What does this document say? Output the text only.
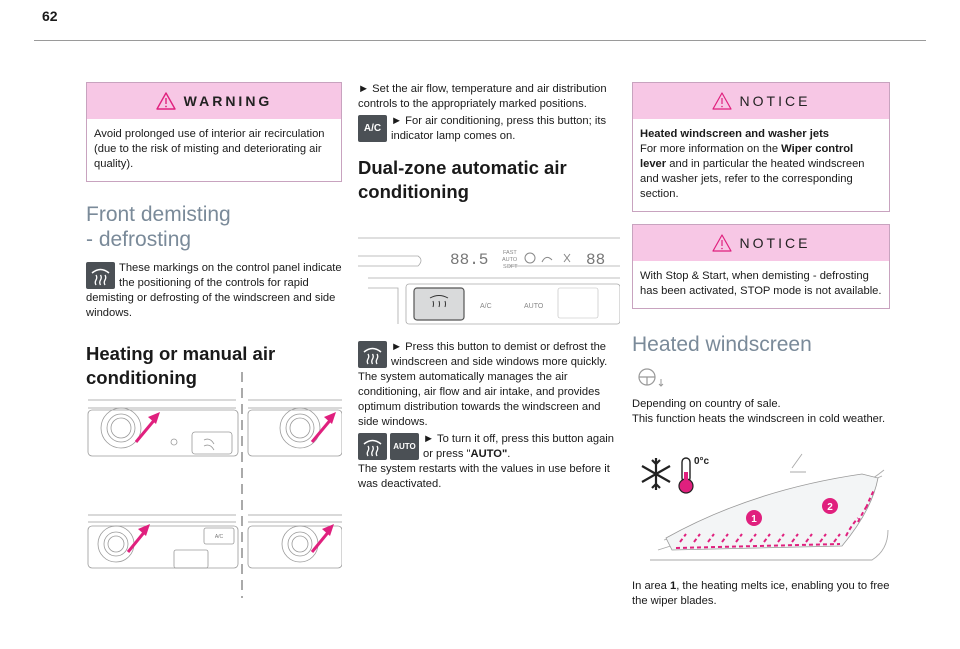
62
WARNING
Avoid prolonged use of interior air recirculation (due to the risk of misting and deteriorating air quality).
Front demisting
- defrosting

These markings on the control panel indicate the positioning of the controls for rapid demisting or defrosting of the windscreen and side windows.

Heating or manual air
conditioning
A/C

► Set the air flow, temperature and air distribution controls to the appropriately marked positions.

A/C

► For air conditioning, press this button; its indicator lamp comes on.

Dual-zone automatic air
conditioning
88.5	FAST
AUTO
SOFT	88
A/C	AUTO

► Press this button to demist or defrost the windscreen and side windows more quickly.

The system automatically manages the air conditioning, air flow and air intake, and provides optimum distribution towards the windscreen and side windows.

AUTO

► To turn it off, press this button again or press "AUTO".

The system restarts with the values in use before it was deactivated.

NOTICE
Heated windscreen and washer jets
For more information on the Wiper control lever and in particular the heated windscreen and washer jets, refer to the corresponding section.
NOTICE
With Stop & Start, when demisting - defrosting has been activated, STOP mode is not available.
Heated windscreen

Depending on country of sale.

This function heats the windscreen in cold weather.

0°c
1
2

In area 1, the heating melts ice, enabling you to free the wiper blades.
